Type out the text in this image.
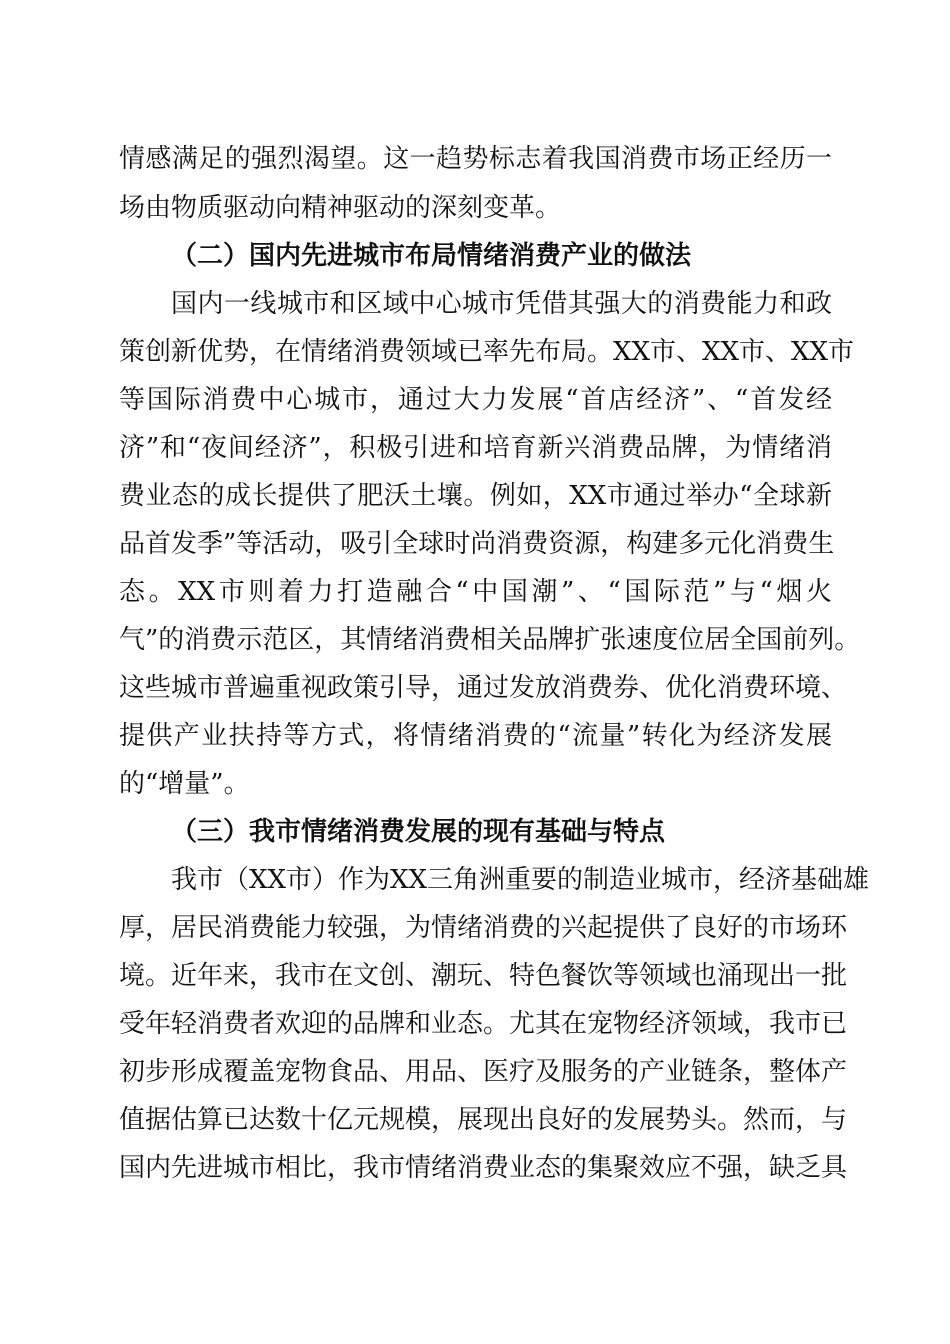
情感满足的强烈渴望。这一趋势标志着我国消费市场正经历一
场由物质驱动向精神驱动的深刻变革。
（二）国内先进城市布局情绪消费产业的做法
国内一线城市和区域中心城市凭借其强大的消费能力和政
策创新优势，在情绪消费领域已率先布局。XX市、XX市、XX市
等国际消费中心城市，通过大力发展“首店经济”、“首发经
济”和“夜间经济”，积极引进和培育新兴消费品牌，为情绪消
费业态的成长提供了肥沃土壤。例如，XX市通过举办“全球新
品首发季”等活动，吸引全球时尚消费资源，构建多元化消费生
态。XX市则着力打造融合“中国潮”、“国际范”与“烟火
气”的消费示范区，其情绪消费相关品牌扩张速度位居全国前列。
这些城市普遍重视政策引导，通过发放消费券、优化消费环境、
提供产业扶持等方式，将情绪消费的“流量”转化为经济发展
的“增量”。
（三）我市情绪消费发展的现有基础与特点
我市（XX市）作为XX三角洲重要的制造业城市，经济基础雄
厚，居民消费能力较强，为情绪消费的兴起提供了良好的市场环
境。近年来，我市在文创、潮玩、特色餐饮等领域也涌现出一批
受年轻消费者欢迎的品牌和业态。尤其在宠物经济领域，我市已
初步形成覆盖宠物食品、用品、医疗及服务的产业链条，整体产
值据估算已达数十亿元规模，展现出良好的发展势头。然而，与
国内先进城市相比，我市情绪消费业态的集聚效应不强，缺乏具
